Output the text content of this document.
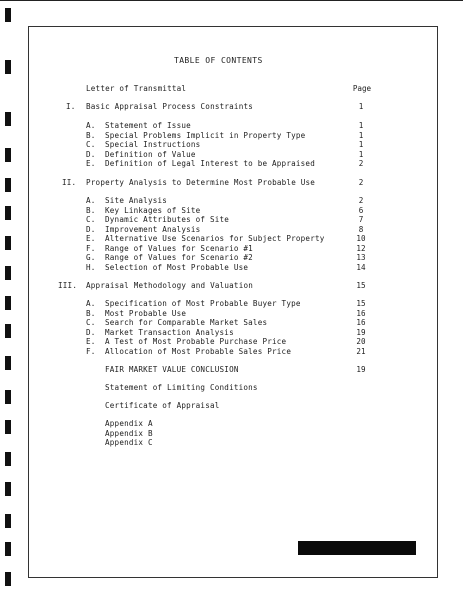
TABLE OF CONTENTS
Letter of Transmittal	Page
I. Basic Appraisal Process Constraints	1
A. Statement of Issue	1
B. Special Problems Implicit in Property Type	1
C. Special Instructions	1
D. Definition of Value	1
E. Definition of Legal Interest to be Appraised	2
II. Property Analysis to Determine Most Probable Use	2
A. Site Analysis	2
B. Key Linkages of Site	6
C. Dynamic Attributes of Site	7
D. Improvement Analysis	8
E. Alternative Use Scenarios for Subject Property	10
F. Range of Values for Scenario #1	12
G. Range of Values for Scenario #2	13
H. Selection of Most Probable Use	14
III. Appraisal Methodology and Valuation	15
A. Specification of Most Probable Buyer Type	15
B. Most Probable Use	16
C. Search for Comparable Market Sales	16
D. Market Transaction Analysis	19
E. A Test of Most Probable Purchase Price	20
F. Allocation of Most Probable Sales Price	21
FAIR MARKET VALUE CONCLUSION	19
Statement of Limiting Conditions
Certificate of Appraisal
Appendix A
Appendix B
Appendix C
